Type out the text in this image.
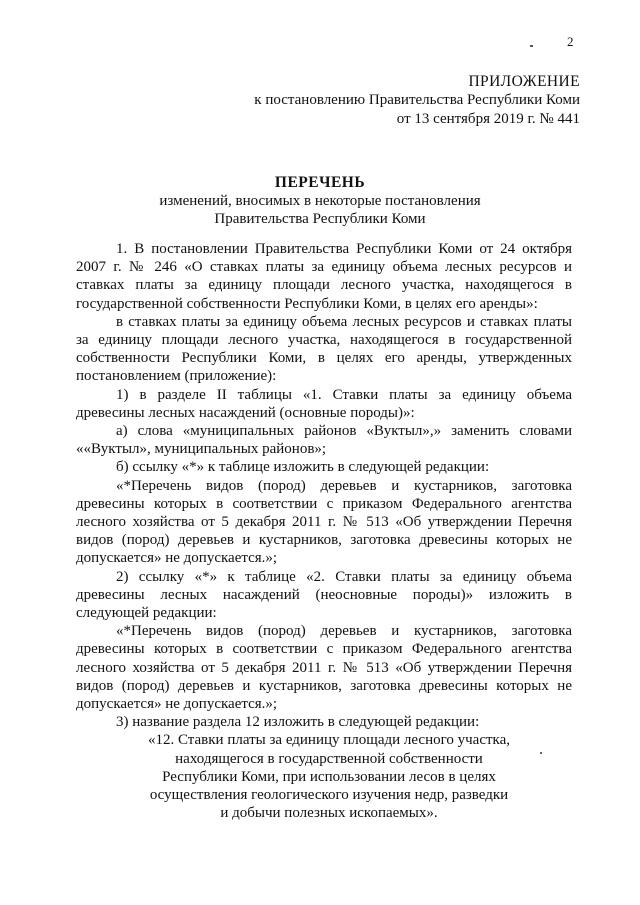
2
ПРИЛОЖЕНИЕ
к постановлению Правительства Республики Коми
от 13 сентября 2019 г. № 441
ПЕРЕЧЕНЬ
изменений, вносимых в некоторые постановления
Правительства Республики Коми

1. В постановлении Правительства Республики Коми от 24 октября 2007 г. № 246 «О ставках платы за единицу объема лесных ресурсов и ставках платы за единицу площади лесного участка, находящегося в государственной собственности Республики Коми, в целях его аренды»:

в ставках платы за единицу объема лесных ресурсов и ставках платы за единицу площади лесного участка, находящегося в государственной собственности Республики Коми, в целях его аренды, утвержденных постановлением (приложение):

1) в разделе II таблицы «1. Ставки платы за единицу объема древесины лесных насаждений (основные породы)»:

а) слова «муниципальных районов «Вуктыл»,» заменить словами ««Вуктыл», муниципальных районов»;

б) ссылку «*» к таблице изложить в следующей редакции:

«*Перечень видов (пород) деревьев и кустарников, заготовка древесины которых в соответствии с приказом Федерального агентства лесного хозяйства от 5 декабря 2011 г. № 513 «Об утверждении Перечня видов (пород) деревьев и кустарников, заготовка древесины которых не допускается» не допускается.»;

2) ссылку «*» к таблице «2. Ставки платы за единицу объема древесины лесных насаждений (неосновные породы)» изложить в следующей редакции:

«*Перечень видов (пород) деревьев и кустарников, заготовка древесины которых в соответствии с приказом Федерального агентства лесного хозяйства от 5 декабря 2011 г. № 513 «Об утверждении Перечня видов (пород) деревьев и кустарников, заготовка древесины которых не допускается» не допускается.»;

3) название раздела 12 изложить в следующей редакции:

«12. Ставки платы за единицу площади лесного участка,

находящегося в государственной собственности

Республики Коми, при использовании лесов в целях

осуществления геологического изучения недр, разведки

и добычи полезных ископаемых».
